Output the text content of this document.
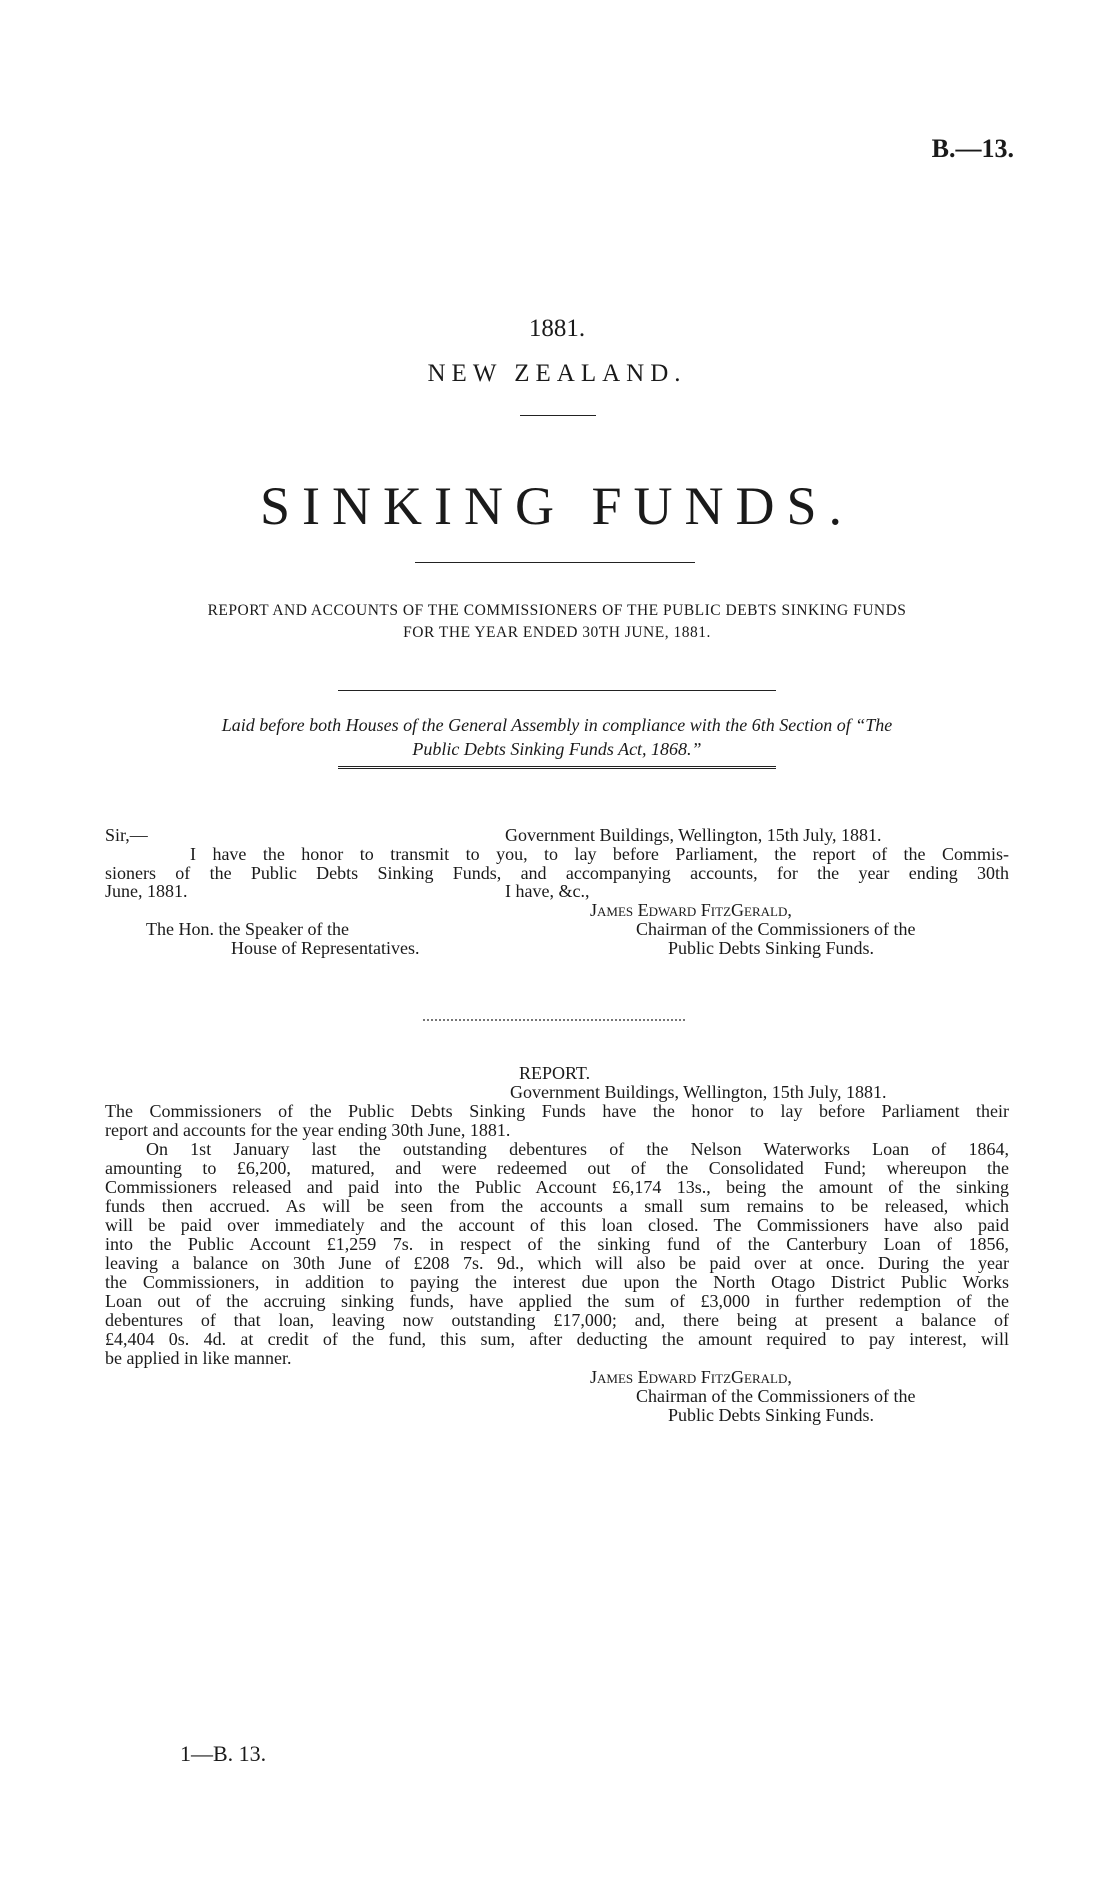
B.—13.
1881.
NEW ZEALAND.
SINKING FUNDS.
REPORT AND ACCOUNTS OF THE COMMISSIONERS OF THE PUBLIC DEBTS SINKING FUNDS
FOR THE YEAR ENDED 30TH JUNE, 1881.
Laid before both Houses of the General Assembly in compliance with the 6th Section of “The
Public Debts Sinking Funds Act, 1868.”
Sir,—	Government Buildings, Wellington, 15th July, 1881.
I have the honor to transmit to you, to lay before Parliament, the report of the Commis-
sioners of the Public Debts Sinking Funds, and accompanying accounts, for the year ending 30th
June, 1881.	I have, &c.,
James Edward FitzGerald,
The Hon. the Speaker of the	Chairman of the Commissioners of the
House of Representatives.	Public Debts Sinking Funds.
REPORT.
Government Buildings, Wellington, 15th July, 1881.
The Commissioners of the Public Debts Sinking Funds have the honor to lay before Parliament their
report and accounts for the year ending 30th June, 1881.
On 1st January last the outstanding debentures of the Nelson Waterworks Loan of 1864,
amounting to £6,200, matured, and were redeemed out of the Consolidated Fund; whereupon the
Commissioners released and paid into the Public Account £6,174 13s., being the amount of the sinking
funds then accrued. As will be seen from the accounts a small sum remains to be released, which
will be paid over immediately and the account of this loan closed. The Commissioners have also paid
into the Public Account £1,259 7s. in respect of the sinking fund of the Canterbury Loan of 1856,
leaving a balance on 30th June of £208 7s. 9d., which will also be paid over at once. During the year
the Commissioners, in addition to paying the interest due upon the North Otago District Public Works
Loan out of the accruing sinking funds, have applied the sum of £3,000 in further redemption of the
debentures of that loan, leaving now outstanding £17,000; and, there being at present a balance of
£4,404 0s. 4d. at credit of the fund, this sum, after deducting the amount required to pay interest, will
be applied in like manner.
James Edward FitzGerald,
Chairman of the Commissioners of the
Public Debts Sinking Funds.
1—B. 13.
